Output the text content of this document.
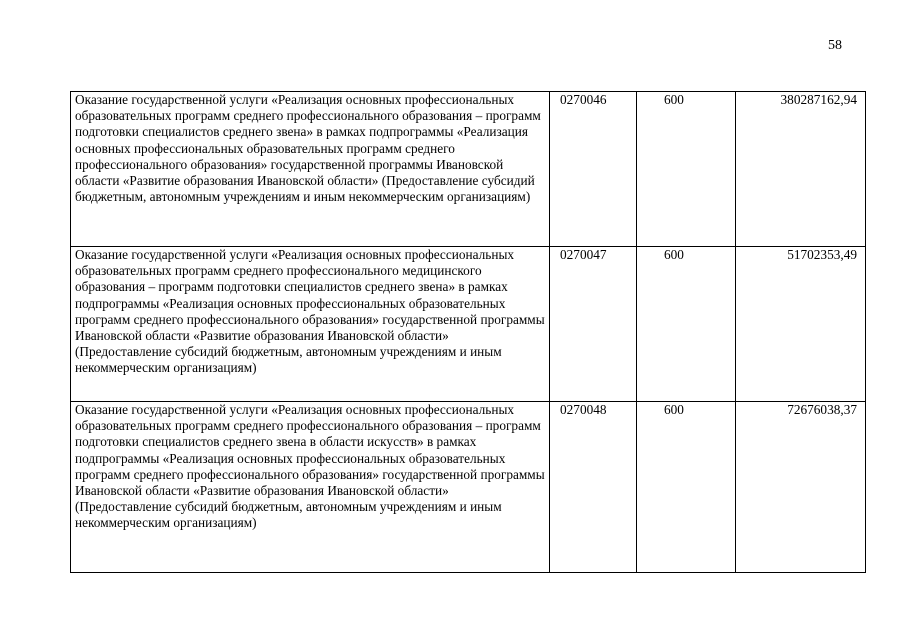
58
Оказание государственной услуги «Реализация основных профессиональных образовательных программ среднего профессионального образования – программ подготовки специалистов среднего звена» в рамках подпрограммы «Реализация основных профессиональных образовательных программ среднего профессионального образования» государственной программы Ивановской области «Развитие образования Ивановской области» (Предоставление субсидий бюджетным, автономным учреждениям и иным некоммерческим организациям)	0270046	600	380287162,94
Оказание государственной услуги «Реализация основных профессиональных образовательных программ среднего профессионального медицинского образования – программ подготовки специалистов среднего звена» в рамках подпрограммы «Реализация основных профессиональных образовательных программ среднего профессионального образования» государственной программы Ивановской области «Развитие образования Ивановской области» (Предоставление субсидий бюджетным, автономным учреждениям и иным некоммерческим организациям)	0270047	600	51702353,49
Оказание государственной услуги «Реализация основных профессиональных образовательных программ среднего профессионального образования – программ подготовки специалистов среднего звена в области искусств» в рамках подпрограммы «Реализация основных профессиональных образовательных программ среднего профессионального образования» государственной программы Ивановской области «Развитие образования Ивановской области» (Предоставление субсидий бюджетным, автономным учреждениям и иным некоммерческим организациям)	0270048	600	72676038,37
